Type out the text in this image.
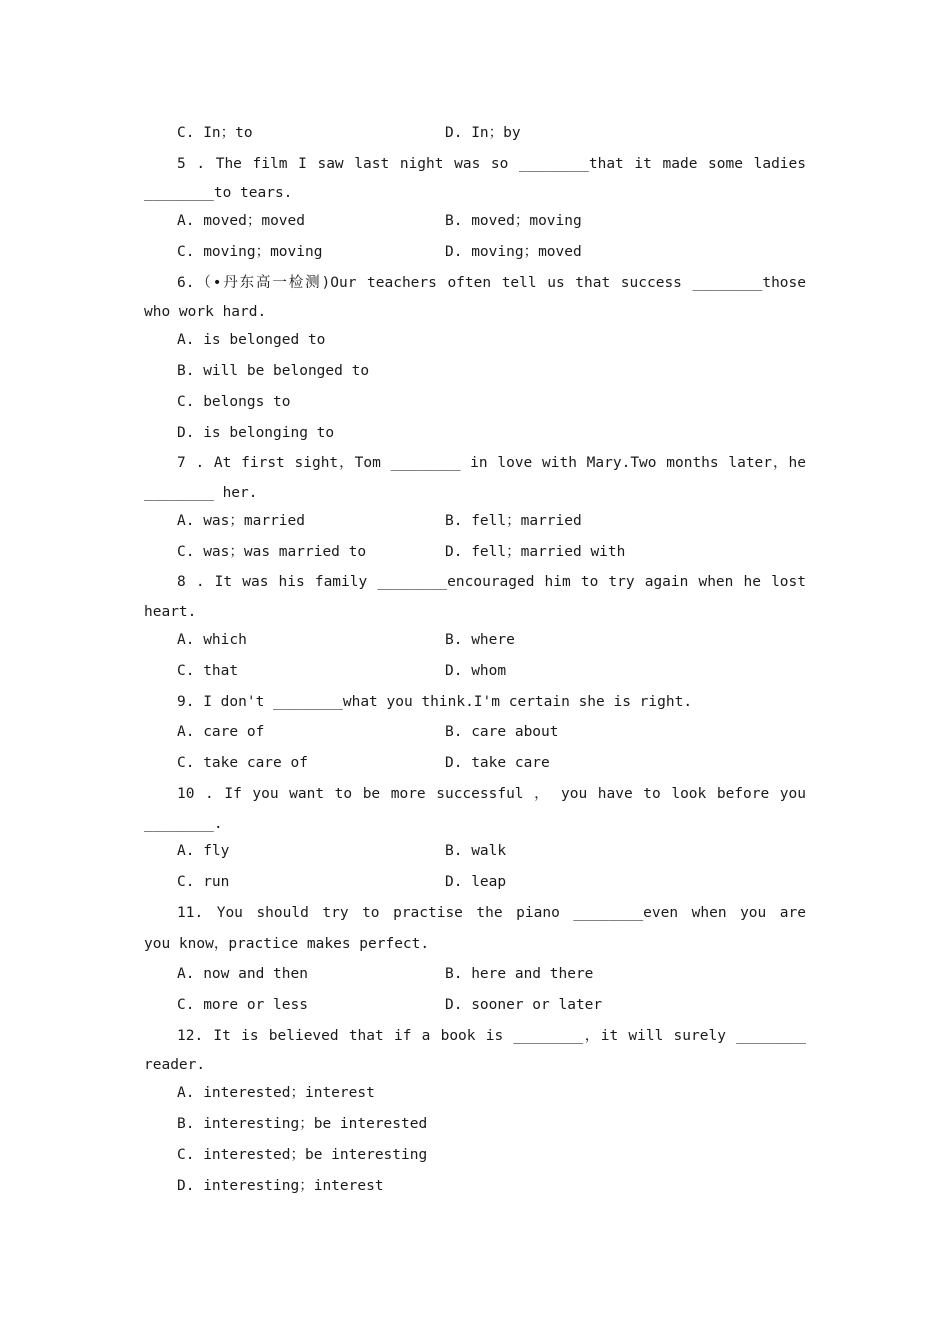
C. In；to	D. In；by
5 . The film I saw last night was so ________that it made some ladies
________to tears.
A. moved；moved	B. moved；moving
C. moving；moving	D. moving；moved
6.（•丹东高一检测)Our teachers often tell us that success ________those
who work hard.
A. is belonged to
B. will be belonged to
C. belongs to
D. is belonging to
7 . At first sight，Tom ________ in love with Mary.Two months later，he
________ her.
A. was；married	B. fell；married
C. was；was married to	D. fell；married with
8 . It was his family ________encouraged him to try again when he lost
heart.
A. which	B. where
C. that	D. whom
9. I don't ________what you think.I'm certain she is right.
A. care of	B. care about
C. take care of	D. take care
10 . If you want to be more successful ， you have to look before you
________.
A. fly	B. walk
C. run	D. leap
11. You should try to practise the piano ________even when you are
you know，practice makes perfect.
A. now and then	B. here and there
C. more or less	D. sooner or later
12. It is believed that if a book is ________，it will surely ________
reader.
A. interested；interest
B. interesting；be interested
C. interested；be interesting
D. interesting；interest
